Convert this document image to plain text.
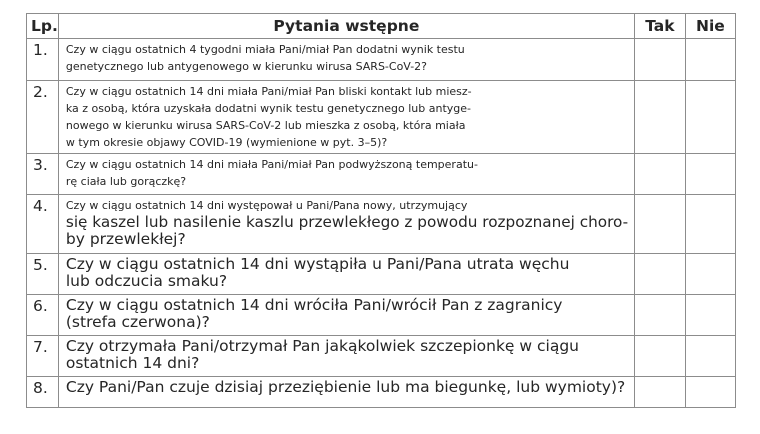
Lp.	Pytania wstępne	Tak	Nie
1.	Czy w ciągu ostatnich 4 tygodni miała Pani/miał Pan dodatni wynik testu
genetycznego lub antygenowego w kierunku wirusa SARS-CoV-2?		

2.	Czy w ciągu ostatnich 14 dni miała Pani/miał Pan bliski kontakt lub miesz-
ka z osobą, która uzyskała dodatni wynik testu genetycznego lub antyge-
nowego w kierunku wirusa SARS-CoV-2 lub mieszka z osobą, która miała
w tym okresie objawy COVID-19 (wymienione w pyt. 3–5)?		

3.	Czy w ciągu ostatnich 14 dni miała Pani/miał Pan podwyższoną temperatu-
rę ciała lub gorączkę?		

4.	Czy w ciągu ostatnich 14 dni występował u Pani/Pana nowy, utrzymujący
się kaszel lub nasilenie kaszlu przewlekłego z powodu rozpoznanej choro-
by przewlekłej?		

5.	Czy w ciągu ostatnich 14 dni wystąpiła u Pani/Pana utrata węchu
lub odczucia smaku?		

6.	Czy w ciągu ostatnich 14 dni wróciła Pani/wrócił Pan z zagranicy
(strefa czerwona)?		

7.	Czy otrzymała Pani/otrzymał Pan jakąkolwiek szczepionkę w ciągu
ostatnich 14 dni?		

8.	Czy Pani/Pan czuje dzisiaj przeziębienie lub ma biegunkę, lub wymioty)?		
